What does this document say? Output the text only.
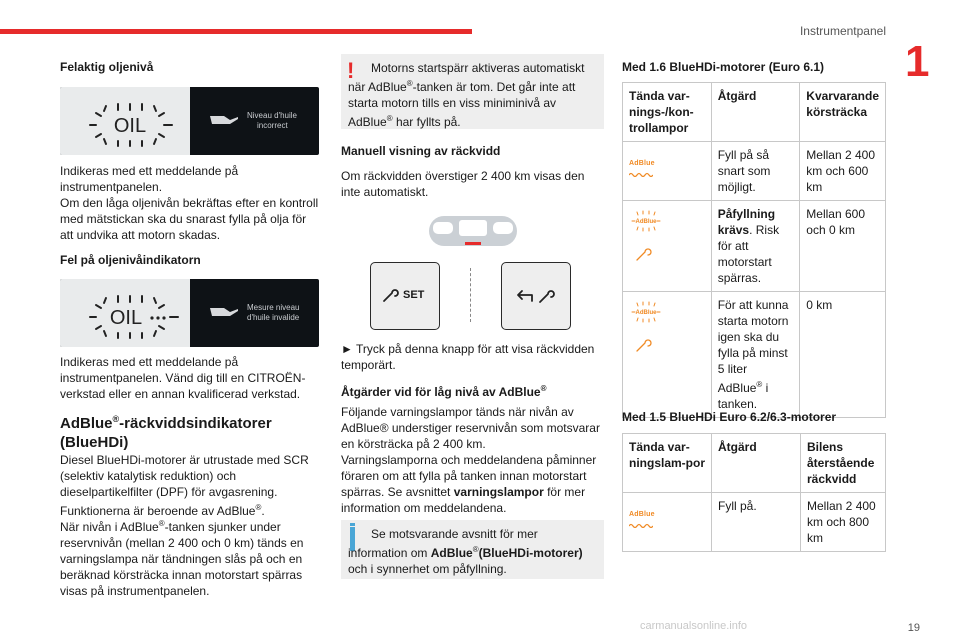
Instrumentpanel
1

Felaktig oljenivå

OIL	Niveau d'huile
incorrect

Indikeras med ett meddelande på instrumentpanelen.

Om den låga oljenivån bekräftas efter en kontroll med mätstickan ska du snarast fylla på olja för att undvika att motorn skadas.

Fel på oljenivåindikatorn

OIL	Mesure niveau
d'huile invalide

Indikeras med ett meddelande på instrumentpanelen. Vänd dig till en CITROËN-verkstad eller en annan kvalificerad verkstad.

AdBlue®-räckviddsindikatorer
(BlueHDi)

Diesel BlueHDi-motorer är utrustade med SCR (selektiv katalytisk reduktion) och dieselpartikelfilter (DPF) för avgasrening. Funktionerna är beroende av AdBlue®.

När nivån i AdBlue®-tanken sjunker under reservnivån (mellan 2 400 och 0 km) tänds en varningslampa när tändningen slås på och en beräknad körsträcka innan motorstart spärras visas på instrumentpanelen.

!	Motorns startspärr aktiveras automatiskt när AdBlue®-tanken är tom. Det går inte att starta motorn tills en viss miniminivå av AdBlue® har fyllts på.

Manuell visning av räckvidd

Om räckvidden överstiger 2 400 km visas den inte automatiskt.

SET

► Tryck på denna knapp för att visa räckvidden temporärt.

Åtgärder vid för låg nivå av AdBlue®

Följande varningslampor tänds när nivån av AdBlue® understiger reservnivån som motsvarar en körsträcka på 2 400 km.

Varningslamporna och meddelandena påminner föraren om att fylla på tanken innan motorstart spärras. Se avsnittet varningslampor för mer information om meddelandena.

Se motsvarande avsnitt för mer information om AdBlue®(BlueHDi-motorer) och i synnerhet om påfyllning.

Med 1.6 BlueHDi-motorer (Euro 6.1)

Tända var-nings-/kon-trollampor	Åtgärd	Kvarvarande körsträcka

AdBlue	Fyll på så snart som möjligt.	Mellan 2 400 km och 600 km

AdBlue	Påfyllning krävs. Risk för att motorstart spärras.	Mellan 600 och 0 km

AdBlue	För att kunna starta motorn igen ska du fylla på minst 5 liter AdBlue® i tanken.	0 km

Med 1.5 BlueHDi Euro 6.2/6.3-motorer

Tända var-ningslam-por	Åtgärd	Bilens återstående räckvidd

AdBlue	Fyll på.	Mellan 2 400 km och 800 km
carmanualsonline.info	19
